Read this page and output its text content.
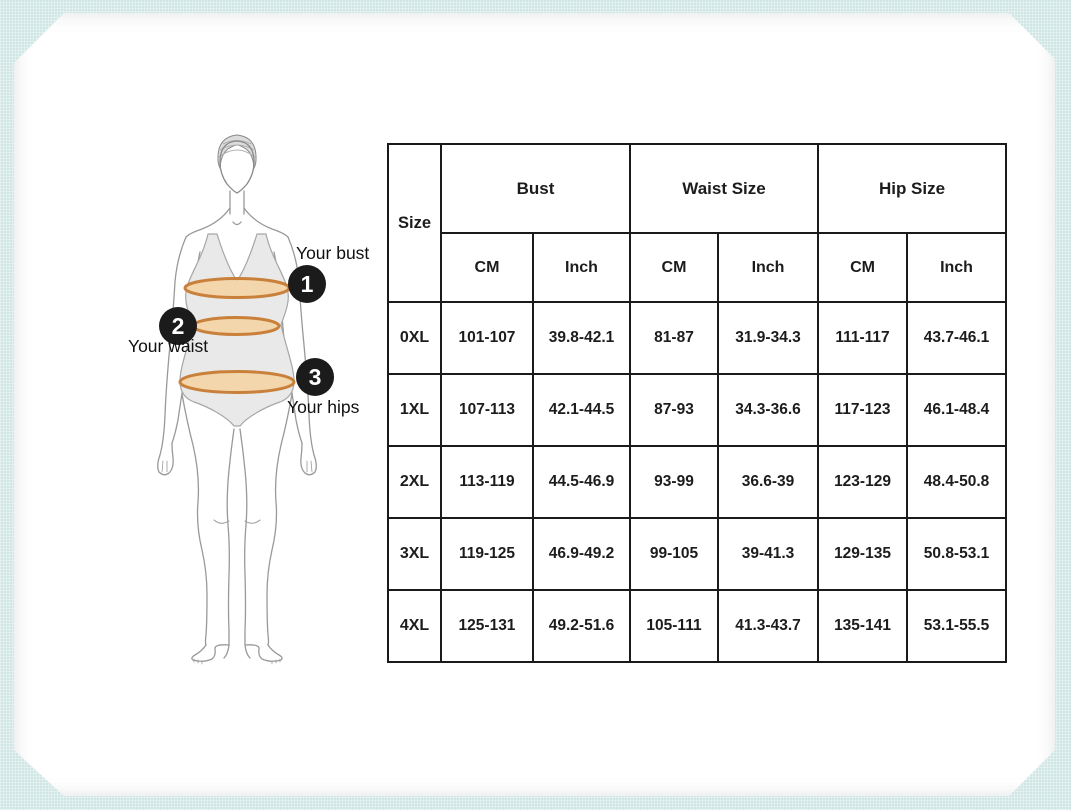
1
2
3
Your bust
Your waist
Your hips
Size	Bust		Waist Size		Hip Size	
	CM	Inch	CM	Inch	CM	Inch
0XL	101-107	39.8-42.1	81-87	31.9-34.3	111-117	43.7-46.1
1XL	107-113	42.1-44.5	87-93	34.3-36.6	117-123	46.1-48.4
2XL	113-119	44.5-46.9	93-99	36.6-39	123-129	48.4-50.8
3XL	119-125	46.9-49.2	99-105	39-41.3	129-135	50.8-53.1
4XL	125-131	49.2-51.6	105-111	41.3-43.7	135-141	53.1-55.5
